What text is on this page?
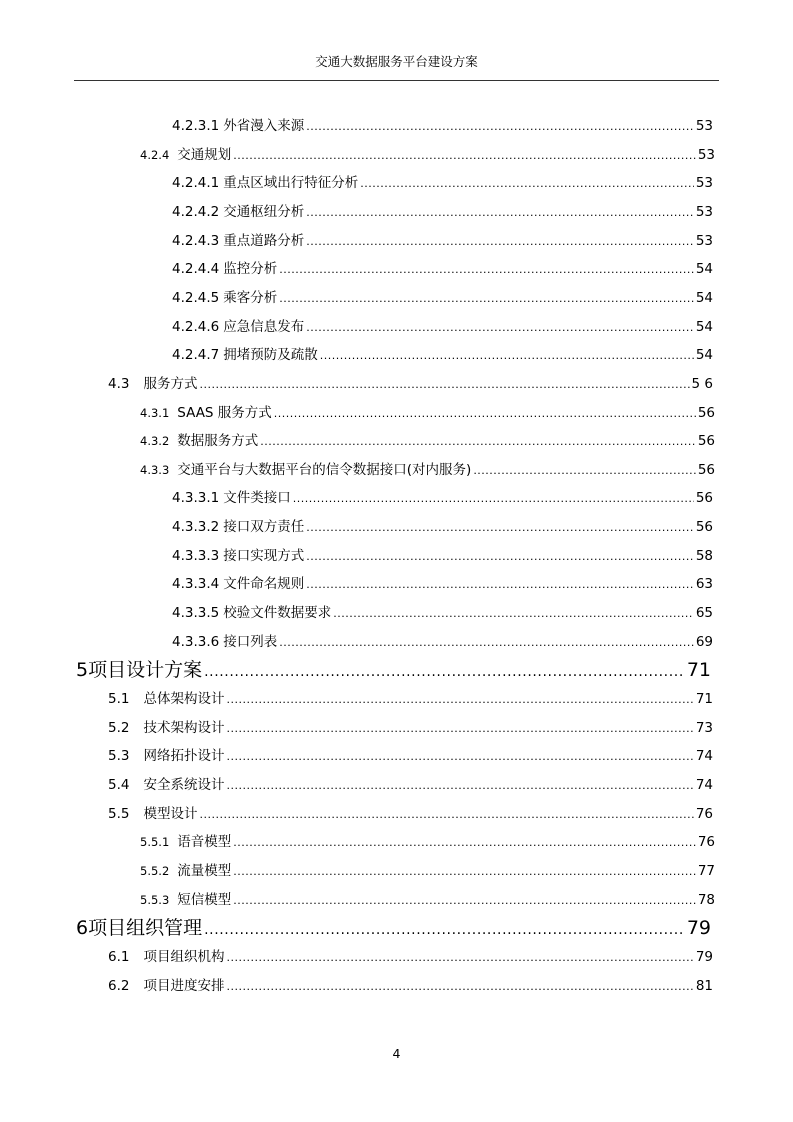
交通大数据服务平台建设方案
4.2.3.1 外省漫入来源 .....	53
4.2.4 交通规划 .....	53
4.2.4.1 重点区域出行特征分析 .....	53
4.2.4.2 交通枢纽分析 .....	53
4.2.4.3 重点道路分析 .....	53
4.2.4.4 监控分析 .....	54
4.2.4.5 乘客分析 .....	54
4.2.4.6 应急信息发布 .....	54
4.2.4.7 拥堵预防及疏散 .....	54
4.3 服务方式 .....	5 6
4.3.1 SAAS 服务方式 .....	56
4.3.2 数据服务方式 .....	56
4.3.3 交通平台与大数据平台的信令数据接口(对内服务) .....	56
4.3.3.1 文件类接口 .....	56
4.3.3.2 接口双方责任 .....	56
4.3.3.3 接口实现方式 .....	58
4.3.3.4 文件命名规则 .....	63
4.3.3.5 校验文件数据要求 .....	65
4.3.3.6 接口列表 .....	69
5 项目设计方案 .....	71
5.1 总体架构设计 .....	71
5.2 技术架构设计 .....	73
5.3 网络拓扑设计 .....	74
5.4 安全系统设计 .....	74
5.5 模型设计 .....	76
5.5.1 语音模型 .....	76
5.5.2 流量模型 .....	77
5.5.3 短信模型 .....	78
6 项目组织管理 .....	79
6.1 项目组织机构 .....	79
6.2 项目进度安排 .....	81
4
